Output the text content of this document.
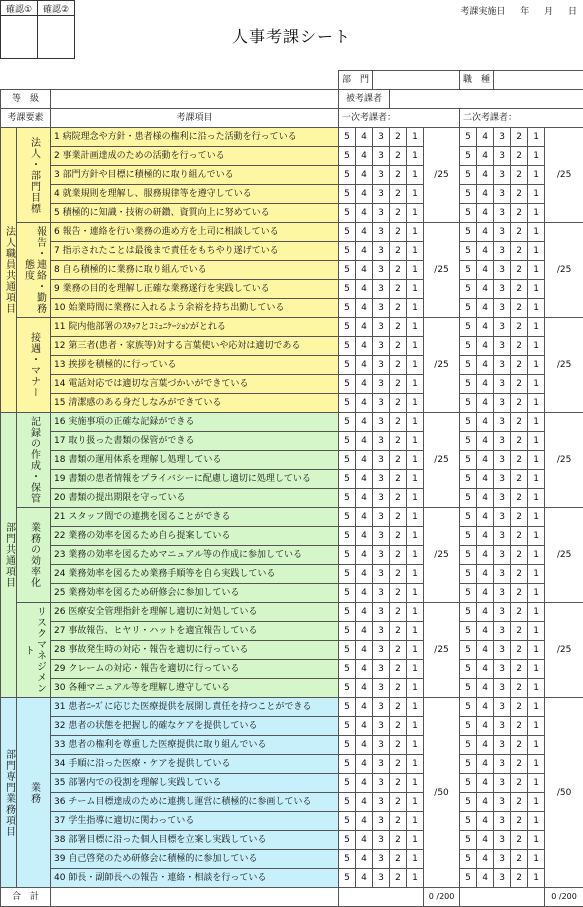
確認①	確認②
		考課実施日 年 月 日
人事考課シート
			部　門						職　種					
等　級			被考課者											
考課要素		考課項目	一次考課者：						二次考課者：					
法人職員共通項目	法人・部門目標	1 病院理念や方針・患者様の権利に沿った活動を行っている	5	4	3	2	1	/25	5	4	3	2	1	/25
		2 事業計画達成のための活動を行っている	5	4	3	2	1		5	4	3	2	1	
		3 部門方針や目標に積極的に取り組んでいる	5	4	3	2	1		5	4	3	2	1	
		4 就業規則を理解し、服務規律等を遵守している	5	4	3	2	1		5	4	3	2	1	
		5 積極的に知識・技術の研鑽、資質向上に努めている	5	4	3	2	1		5	4	3	2	1	
	報告・連絡・勤務態度	6 報告・連絡を行い業務の進め方を上司に相談している	5	4	3	2	1	/25	5	4	3	2	1	/25
		7 指示されたことは最後まで責任をもちやり遂げている	5	4	3	2	1		5	4	3	2	1	
		8 自ら積極的に業務に取り組んでいる	5	4	3	2	1		5	4	3	2	1	
		9 業務の目的を理解し正確な業務遂行を実践している	5	4	3	2	1		5	4	3	2	1	
		10 始業時間に業務に入れるよう余裕を持ち出勤している	5	4	3	2	1		5	4	3	2	1	
	接遇・マナー	11 院内他部署のｽﾀｯﾌとｺﾐｭﾆｹｰｼｮﾝがとれる	5	4	3	2	1	/25	5	4	3	2	1	/25
		12 第三者(患者・家族等)対する言葉使いや応対は適切である	5	4	3	2	1		5	4	3	2	1	
		13 挨拶を積極的に行っている	5	4	3	2	1		5	4	3	2	1	
		14 電話対応では適切な言葉づかいができている	5	4	3	2	1		5	4	3	2	1	
		15 清潔感のある身だしなみができている	5	4	3	2	1		5	4	3	2	1	
部門共通項目	記録の作成・保管	16 実施事項の正確な記録ができる	5	4	3	2	1	/25	5	4	3	2	1	/25
		17 取り扱った書類の保管ができる	5	4	3	2	1		5	4	3	2	1	
		18 書類の運用体系を理解し処理している	5	4	3	2	1		5	4	3	2	1	
		19 書類の患者情報をプライバシーに配慮し適切に処理している	5	4	3	2	1		5	4	3	2	1	
		20 書類の提出期限を守っている	5	4	3	2	1		5	4	3	2	1	
	業務の効率化	21 スタッフ間での連携を図ることができる	5	4	3	2	1	/25	5	4	3	2	1	/25
		22 業務の効率を図るため自ら提案している	5	4	3	2	1		5	4	3	2	1	
		23 業務の効率を図るためマニュアル等の作成に参加している	5	4	3	2	1		5	4	3	2	1	
		24 業務効率を図るため業務手順等を自ら実践している	5	4	3	2	1		5	4	3	2	1	
		25 業務効率を図るため研修会に参加している	5	4	3	2	1		5	4	3	2	1	
	リスクマネジメント	26 医療安全管理指針を理解し適切に対処している	5	4	3	2	1	/25	5	4	3	2	1	/25
		27 事故報告、ヒヤリ・ハットを適宜報告している	5	4	3	2	1		5	4	3	2	1	
		28 事故発生時の対応・報告を適切に行っている	5	4	3	2	1		5	4	3	2	1	
		29 クレームの対応・報告を適切に行っている	5	4	3	2	1		5	4	3	2	1	
		30 各種マニュアル等を理解し遵守している	5	4	3	2	1		5	4	3	2	1	
部門専門業務項目	業務	31 患者ﾆｰｽﾞに応じた医療提供を展開し責任を持つことができる	5	4	3	2	1	/50	5	4	3	2	1	/50
		32 患者の状態を把握し的確なケアを提供している	5	4	3	2	1		5	4	3	2	1	
		33 患者の権利を尊重した医療提供に取り組んでいる	5	4	3	2	1		5	4	3	2	1	
		34 手順に沿った医療・ケアを提供している	5	4	3	2	1		5	4	3	2	1	
		35 部署内での役割を理解し実践している	5	4	3	2	1		5	4	3	2	1	
		36 チーム目標達成のために連携し運営に積極的に参画している	5	4	3	2	1		5	4	3	2	1	
		37 学生指導に適切に関わっている	5	4	3	2	1		5	4	3	2	1	
		38 部署目標に沿った個人目標を立案し実践している	5	4	3	2	1		5	4	3	2	1	
		39 自己啓発のため研修会に積極的に参加している	5	4	3	2	1		5	4	3	2	1	
		40 師長・副師長への報告・連絡・相談を行っている	5	4	3	2	1		5	4	3	2	1	
合　計								0 /200						0 /200
